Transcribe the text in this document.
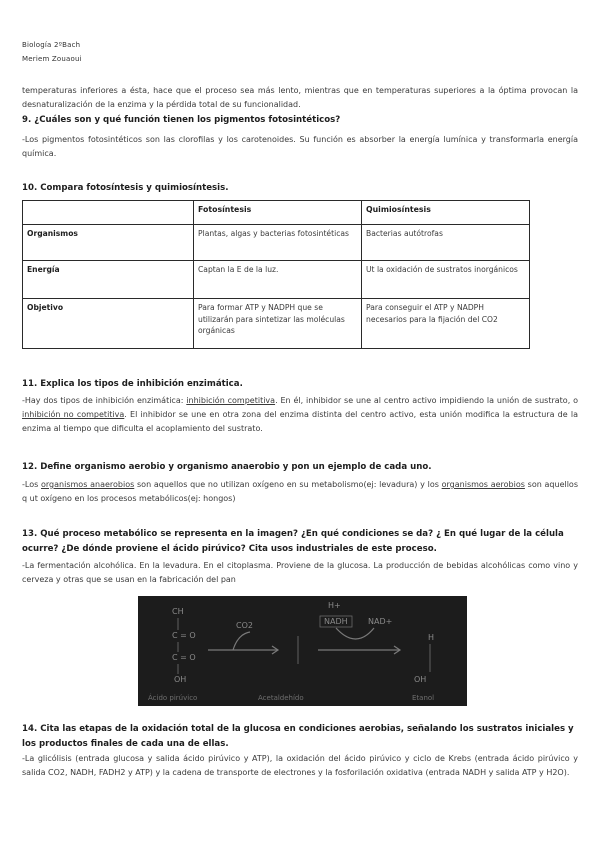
Biología 2ºBach
Meriem Zouaoui

temperaturas inferiores a ésta, hace que el proceso sea más lento, mientras que en temperaturas superiores a la óptima provocan la desnaturalización de la enzima y la pérdida total de su funcionalidad.

9. ¿Cuáles son y qué función tienen los pigmentos fotosintéticos?

-Los pigmentos fotosintéticos son las clorofilas y los carotenoides. Su función es absorber la energía lumínica y transformarla energía química.

10. Compara fotosíntesis y quimiosíntesis.

	Fotosíntesis	Quimiosíntesis
Organismos	Plantas, algas y bacterias fotosintéticas	Bacterias autótrofas
Energía	Captan la E de la luz.	Ut la oxidación de sustratos inorgánicos
Objetivo	Para formar ATP y NADPH que se utilizarán para sintetizar las moléculas orgánicas	Para conseguir el ATP y NADPH necesarios para la fijación del CO2

11. Explica los tipos de inhibición enzimática.

-Hay dos tipos de inhibición enzimática: inhibición competitiva. En él, inhibidor se une al centro activo impidiendo la unión de sustrato, o inhibición no competitiva. El inhibidor se une en otra zona del enzima distinta del centro activo, esta unión modifica la estructura de la enzima al tiempo que dificulta el acoplamiento del sustrato.

12. Define organismo aerobio y organismo anaerobio y pon un ejemplo de cada uno.

-Los organismos anaerobios son aquellos que no utilizan oxígeno en su metabolismo(ej: levadura) y los organismos aerobios son aquellos q ut oxígeno en los procesos metabólicos(ej: hongos)

13. Qué proceso metabólico se representa en la imagen? ¿En qué condiciones se da? ¿ En qué lugar de la célula ocurre? ¿De dónde proviene el ácido pirúvico? Cita usos industriales de este proceso.

-La fermentación alcohólica. En la levadura. En el citoplasma. Proviene de la glucosa. La producción de bebidas alcohólicas como vino y cerveza y otras que se usan en la fabricación del pan

CH
C = O
C = O
OH
CO2	NADH	NAD+
H+
OH
H
Ácido pirúvico	Acetaldehído	Etanol

14. Cita las etapas de la oxidación total de la glucosa en condiciones aerobias, señalando los sustratos iniciales y los productos finales de cada una de ellas.

-La glicólisis (entrada glucosa y salida ácido pirúvico y ATP), la oxidación del ácido pirúvico y ciclo de Krebs (entrada ácido pirúvico y salida CO2, NADH, FADH2 y ATP) y la cadena de transporte de electrones y la fosforilación oxidativa (entrada NADH y salida ATP y H2O).
